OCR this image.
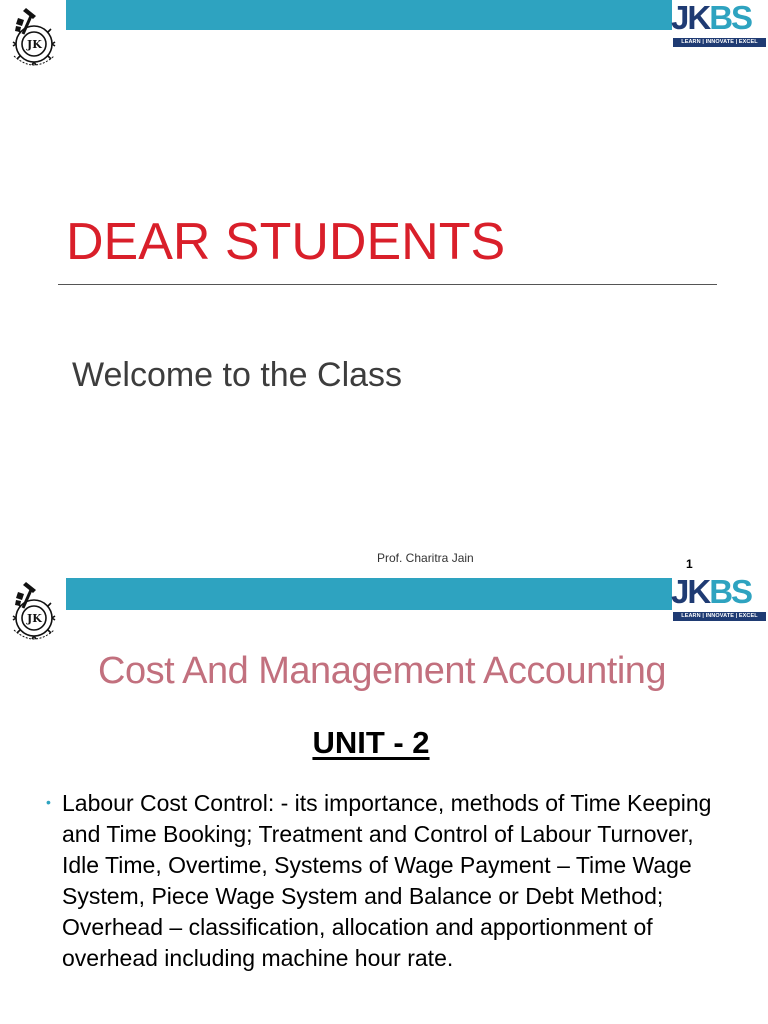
JK
JKBS
LEARN | INNOVATE | EXCEL
DEAR STUDENTS
Welcome to the Class
Prof. Charitra Jain	1
JK
JKBS
LEARN | INNOVATE | EXCEL
Cost And Management Accounting
UNIT - 2
• Labour Cost Control: - its importance, methods of Time Keeping and Time Booking; Treatment and Control of Labour Turnover, Idle Time, Overtime, Systems of Wage Payment – Time Wage System, Piece Wage System and Balance or Debt Method; Overhead – classification, allocation and apportionment of overhead including machine hour rate.
